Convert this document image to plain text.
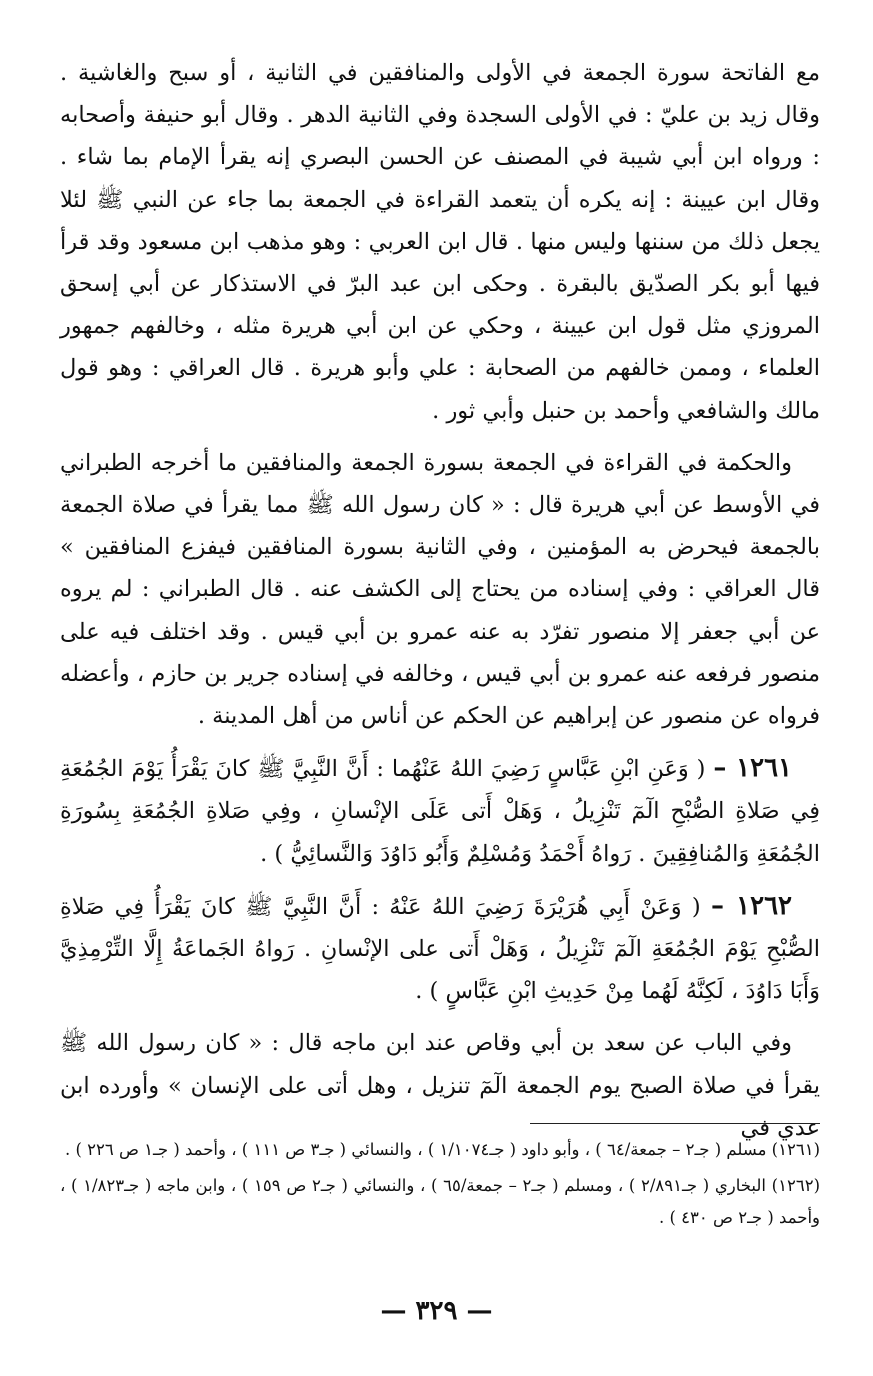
مع الفاتحة سورة الجمعة في الأولى والمنافقين في الثانية ، أو سبح والغاشية . وقال زيد بن عليّ : في الأولى السجدة وفي الثانية الدهر . وقال أبو حنيفة وأصحابه : ورواه ابن أبي شيبة في المصنف عن الحسن البصري إنه يقرأ الإمام بما شاء . وقال ابن عيينة : إنه يكره أن يتعمد القراءة في الجمعة بما جاء عن النبي ﷺ لئلا يجعل ذلك من سننها وليس منها . قال ابن العربي : وهو مذهب ابن مسعود وقد قرأ فيها أبو بكر الصدّيق بالبقرة . وحكى ابن عبد البرّ في الاستذكار عن أبي إسحق المروزي مثل قول ابن عيينة ، وحكي عن ابن أبي هريرة مثله ، وخالفهم جمهور العلماء ، وممن خالفهم من الصحابة : علي وأبو هريرة . قال العراقي : وهو قول مالك والشافعي وأحمد بن حنبل وأبي ثور .

والحكمة في القراءة في الجمعة بسورة الجمعة والمنافقين ما أخرجه الطبراني في الأوسط عن أبي هريرة قال : « كان رسول الله ﷺ مما يقرأ في صلاة الجمعة بالجمعة فيحرض به المؤمنين ، وفي الثانية بسورة المنافقين فيفزع المنافقين » قال العراقي : وفي إسناده من يحتاج إلى الكشف عنه . قال الطبراني : لم يروه عن أبي جعفر إلا منصور تفرّد به عنه عمرو بن أبي قيس . وقد اختلف فيه على منصور فرفعه عنه عمرو بن أبي قيس ، وخالفه في إسناده جرير بن حازم ، وأعضله فرواه عن منصور عن إبراهيم عن الحكم عن أناس من أهل المدينة .

١٢٦١ – ( وَعَنِ ابْنِ عَبَّاسٍ رَضِيَ اللهُ عَنْهُما : أَنَّ النَّبِيَّ ﷺ كانَ يَقْرَأُ يَوْمَ الجُمُعَةِ فِي صَلاةِ الصُّبْحِ الٓمٓ تَنْزِيلُ ، وَهَلْ أَتى عَلَى الإنْسانِ ، وفِي صَلاةِ الجُمُعَةِ بِسُورَةِ الجُمُعَةِ وَالمُنافِقِينَ . رَواهُ أَحْمَدُ وَمُسْلِمٌ وَأَبُو دَاوُدَ وَالنَّسائِيُّ ) .

١٢٦٢ – ( وَعَنْ أَبِي هُرَيْرَةَ رَضِيَ اللهُ عَنْهُ : أَنَّ النَّبِيَّ ﷺ كانَ يَقْرَأُ فِي صَلاةِ الصُّبْحِ يَوْمَ الجُمُعَةِ الٓمٓ تَنْزِيلُ ، وَهَلْ أَتى على الإنْسانِ . رَواهُ الجَماعَةُ إِلَّا التِّرْمِذِيَّ وَأَبَا دَاوُدَ ، لَكِنَّهُ لَهُما مِنْ حَدِيثِ ابْنِ عَبَّاسٍ ) .

وفي الباب عن سعد بن أبي وقاص عند ابن ماجه قال : « كان رسول الله ﷺ يقرأ في صلاة الصبح يوم الجمعة الٓمٓ تنزيل ، وهل أتى على الإنسان » وأورده ابن عدي في

(١٢٦١) مسلم ( جـ٢ – جمعة/٦٤ ) ، وأبو داود ( جـ١/١٠٧٤ ) ، والنسائي ( جـ٣ ص ١١١ ) ، وأحمد ( جـ١ ص ٢٢٦ ) .

(١٢٦٢) البخاري ( جـ٢/٨٩١ ) ، ومسلم ( جـ٢ – جمعة/٦٥ ) ، والنسائي ( جـ٢ ص ١٥٩ ) ، وابن ماجه ( جـ١/٨٢٣ ) ، وأحمد ( جـ٢ ص ٤٣٠ ) .

— ٣٢٩ —
